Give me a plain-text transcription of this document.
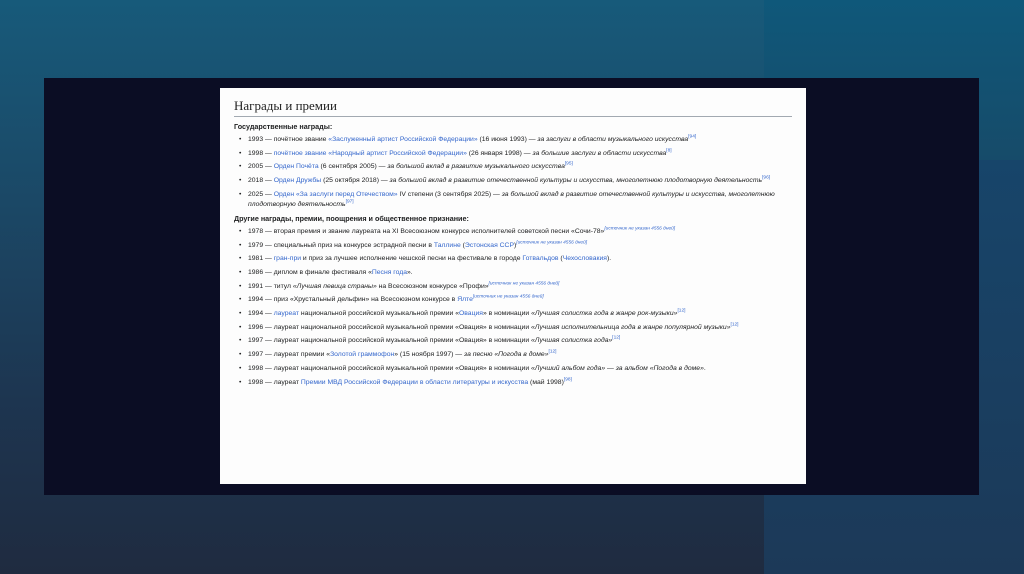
Награды и премии
Государственные награды:
• 1993 — почётное звание «Заслуженный артист Российской Федерации» (16 июня 1993) — за заслуги в области музыкального искусства[94]
• 1998 — почётное звание «Народный артист Российской Федерации» (26 января 1998) — за большие заслуги в области искусства[8]
• 2005 — Орден Почёта (6 сентября 2005) — за большой вклад в развитие музыкального искусства[95]
• 2018 — Орден Дружбы (25 октября 2018) — за большой вклад в развитие отечественной культуры и искусства, многолетнюю плодотворную деятельность[96]
• 2025 — Орден «За заслуги перед Отечеством» IV степени (3 сентября 2025) — за большой вклад в развитие отечественной культуры и искусства, многолетнюю плодотворную деятельность[97]
Другие награды, премии, поощрения и общественное признание:
• 1978 — вторая премия и звание лауреата на XI Всесоюзном конкурсе исполнителей советской песни «Сочи-78»[источник не указан 4556 дней]
• 1979 — специальный приз на конкурсе эстрадной песни в Таллине (Эстонская ССР)[источник не указан 4556 дней]
• 1981 — гран-при и приз за лучшее исполнение чешской песни на фестивале в городе Готвальдов (Чехословакия).
• 1986 — диплом в финале фестиваля «Песня года».
• 1991 — титул «Лучшая певица страны» на Всесоюзном конкурсе «Профи»[источник не указан 4556 дней]
• 1994 — приз «Хрустальный дельфин» на Всесоюзном конкурсе в Ялте[источник не указан 4556 дней]
• 1994 — лауреат национальной российской музыкальной премии «Овация» в номинации «Лучшая солистка года в жанре рок-музыки»[12]
• 1996 — лауреат национальной российской музыкальной премии «Овация» в номинации «Лучшая исполнительница года в жанре популярной музыки»[12]
• 1997 — лауреат национальной российской музыкальной премии «Овация» в номинации «Лучшая солистка года»[12]
• 1997 — лауреат премии «Золотой граммофон» (15 ноября 1997) — за песню «Погода в доме»[12]
• 1998 — лауреат национальной российской музыкальной премии «Овация» в номинации «Лучший альбом года» — за альбом «Погода в доме».
• 1998 — лауреат Премии МВД Российской Федерации в области литературы и искусства (май 1998)[98]
